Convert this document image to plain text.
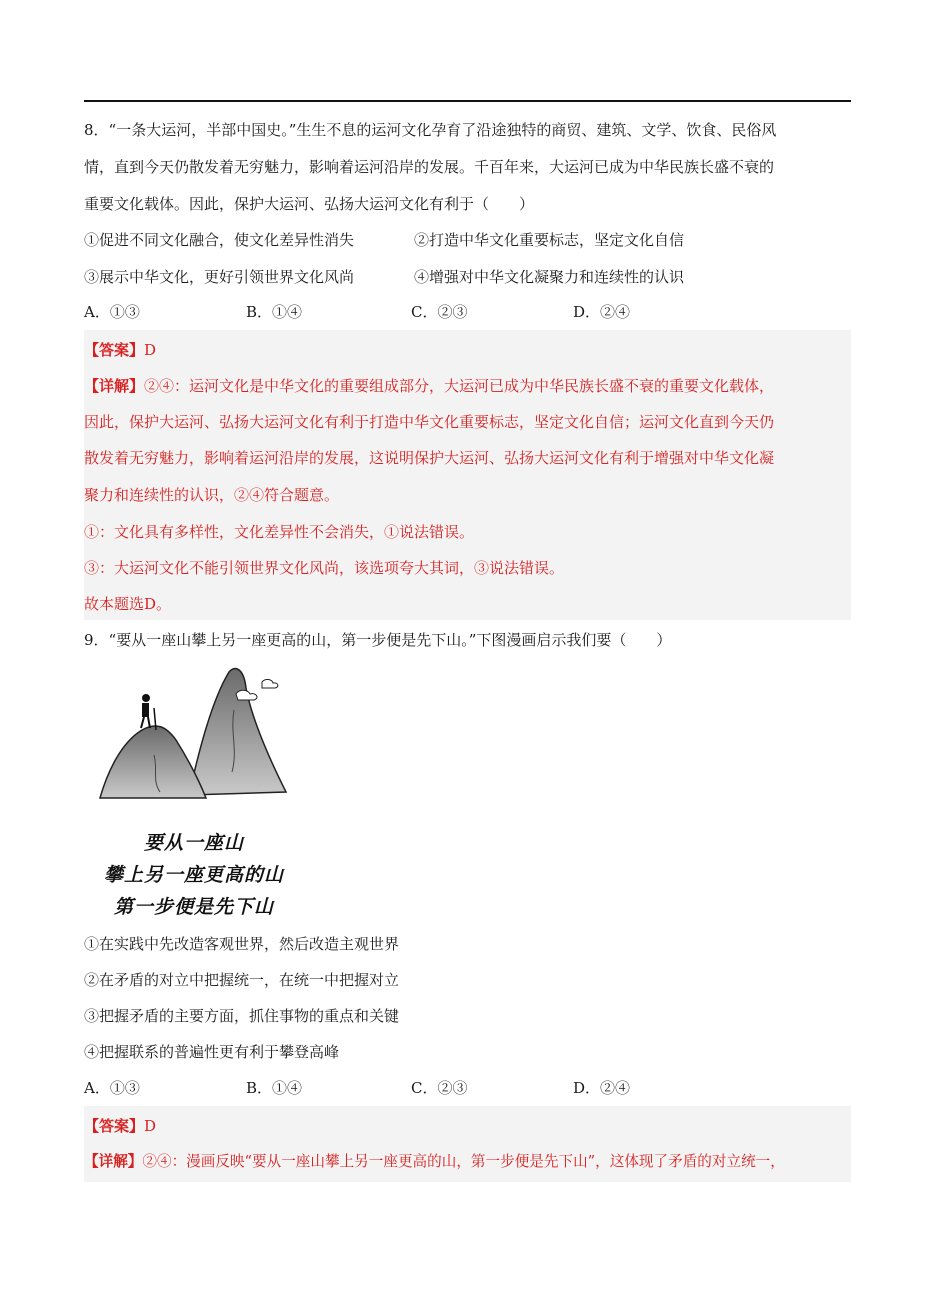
8．“一条大运河，半部中国史。”生生不息的运河文化孕育了沿途独特的商贸、建筑、文学、饮食、民俗风
情，直到今天仍散发着无穷魅力，影响着运河沿岸的发展。千百年来，大运河已成为中华民族长盛不衰的
重要文化载体。因此，保护大运河、弘扬大运河文化有利于（　　）
①促进不同文化融合，使文化差异性消失	②打造中华文化重要标志，坚定文化自信
③展示中华文化，更好引领世界文化风尚	④增强对中华文化凝聚力和连续性的认识
A．①③	B．①④	C．②③	D．②④
【答案】D
【详解】②④：运河文化是中华文化的重要组成部分，大运河已成为中华民族长盛不衰的重要文化载体，
因此，保护大运河、弘扬大运河文化有利于打造中华文化重要标志，坚定文化自信；运河文化直到今天仍
散发着无穷魅力，影响着运河沿岸的发展，这说明保护大运河、弘扬大运河文化有利于增强对中华文化凝
聚力和连续性的认识，②④符合题意。
①：文化具有多样性，文化差异性不会消失，①说法错误。
③：大运河文化不能引领世界文化风尚，该选项夸大其词，③说法错误。
故本题选D。
9．“要从一座山攀上另一座更高的山，第一步便是先下山。”下图漫画启示我们要（　　）
要从一座山
攀上另一座更高的山
第一步便是先下山
①在实践中先改造客观世界，然后改造主观世界
②在矛盾的对立中把握统一，在统一中把握对立
③把握矛盾的主要方面，抓住事物的重点和关键
④把握联系的普遍性更有利于攀登高峰
A．①③	B．①④	C．②③	D．②④
【答案】D
【详解】②④：漫画反映“要从一座山攀上另一座更高的山，第一步便是先下山”，这体现了矛盾的对立统一，
